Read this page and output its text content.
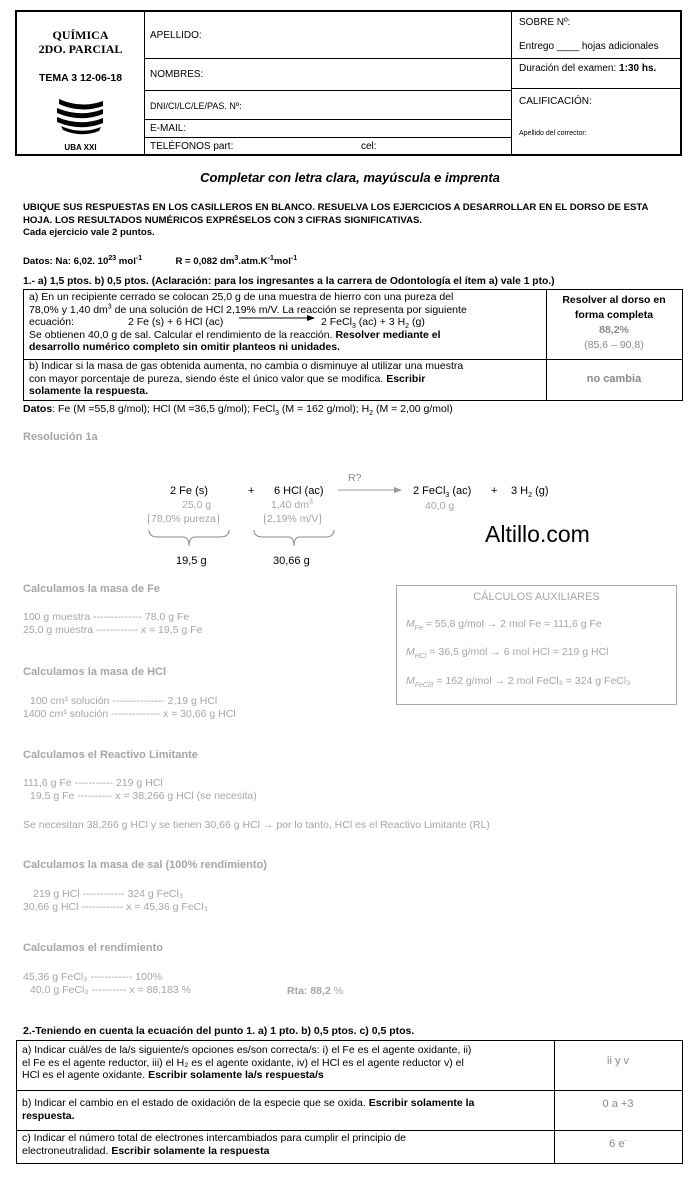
QUÍMICA
2DO. PARCIAL
TEMA 3 12-06-18
UBA XXI
APELLIDO:
NOMBRES:
DNI/CI/LC/LE/PAS. Nº:
E-MAIL:
TELÉFONOS part:	cel:
SOBRE Nº:
Entrego ____ hojas adicionales
Duración del examen: 1:30 hs.
CALIFICACIÓN:
Apellido del corrector:
Completar con letra clara, mayúscula e imprenta
UBIQUE SUS RESPUESTAS EN LOS CASILLEROS EN BLANCO. RESUELVA LOS EJERCICIOS A DESARROLLAR EN EL DORSO DE ESTA
HOJA. LOS RESULTADOS NUMÉRICOS EXPRÉSELOS CON 3 CIFRAS SIGNIFICATIVAS.
Cada ejercicio vale 2 puntos.
Datos: Na: 6,02. $10^{23}$ mol$^{-1}$	R = 0,082 $dm^3.atm.K^{-1}mol^{-1}$
1.- a) 1,5 ptos. b) 0,5 ptos. (Aclaración: para los ingresantes a la carrera de Odontología el ítem a) vale 1 pto.)
a) En un recipiente cerrado se colocan 25,0 g de una muestra de hierro con una pureza del
78,0% y 1,40 $dm^3$ de una solución de HCl 2,19% m/V. La reacción se representa por siguiente
ecuación:	2 Fe (s) + 6 HCl (ac)	2 FeCl$_3$ (ac) + 3 $H_2$ (g)
Se obtienen 40,0 g de sal. Calcular el rendimiento de la reacción. Resolver mediante el
desarrollo numérico completo sin omitir planteos ni unidades.
Resolver al dorso en
forma completa
88,2%
(85,6 – 90,8)
b) Indicar si la masa de gas obtenida aumenta, no cambia o disminuye al utilizar una muestra
con mayor porcentaje de pureza, siendo éste el único valor que se modifica. Escribir
solamente la respuesta.
no cambia
Datos: Fe (M =55,8 g/mol); HCl (M =36,5 g/mol); FeCl$_3$ (M = 162 g/mol); $H_2$ (M = 2,00 g/mol)
Resolución 1a
R?
2 Fe (s)	+ 6 HCl (ac)	2 FeCl$_3$ (ac) + 3 $H_2$ (g)
25,0 g
78,0% pureza
1,40 $dm^3$
2,19% m/V
40,0 g
19,5 g	30,66 g
Altillo.com
Calculamos la masa de Fe
100 g muestra -------------- 78,0 g Fe
25,0 g muestra ------------ x = 19,5 g Fe
CÁLCULOS AUXILIARES
$M_{Fe} = 55,8$ g/mol → 2 mol Fe = 111,6 g Fe
$M_{HCl} = 36,5$ g/mol → 6 mol HCl = 219 g HCl
$M_{FeCl3} = 162$ g/mol → 2 mol FeCl₃ = 324 g FeCl₃
Calculamos la masa de HCl
100 cm³ solución --------------- 2,19 g HCl
1400 cm³ solución -------------- x = 30,66 g HCl
Calculamos el Reactivo Limitante
111,6 g Fe ----------- 219 g HCl
19,5 g Fe ---------- x = 38,266 g HCl (se necesita)
Se necesitan 38,266 g HCl y se tienen 30,66 g HCl → por lo tanto, HCl es el Reactivo Limitante (RL)
Calculamos la masa de sal (100% rendimiento)
219 g HCl ------------ 324 g FeCl₃
30,66 g HCl ------------ x = 45,36 g FeCl₃
Calculamos el rendimiento
45,36 g FeCl₃ ------------ 100%
40,0 g FeCl₃ ---------- x = 88,183 %	Rta: 88,2 %
2.-Teniendo en cuenta la ecuación del punto 1. a) 1 pto. b) 0,5 ptos. c) 0,5 ptos.
a) Indicar cuál/es de la/s siguiente/s opciones es/son correcta/s: i) el Fe es el agente oxidante, ii)
el Fe es el agente reductor, iii) el H₂ es el agente oxidante, iv) el HCl es el agente reductor v) el
HCl es el agente oxidante. Escribir solamente la/s respuesta/s
ii y v
b) Indicar el cambio en el estado de oxidación de la especie que se oxida. Escribir solamente la
respuesta.
0 a +3
c) Indicar el número total de electrones intercambiados para cumplir el principio de
electroneutralidad. Escribir solamente la respuesta
6 e-
